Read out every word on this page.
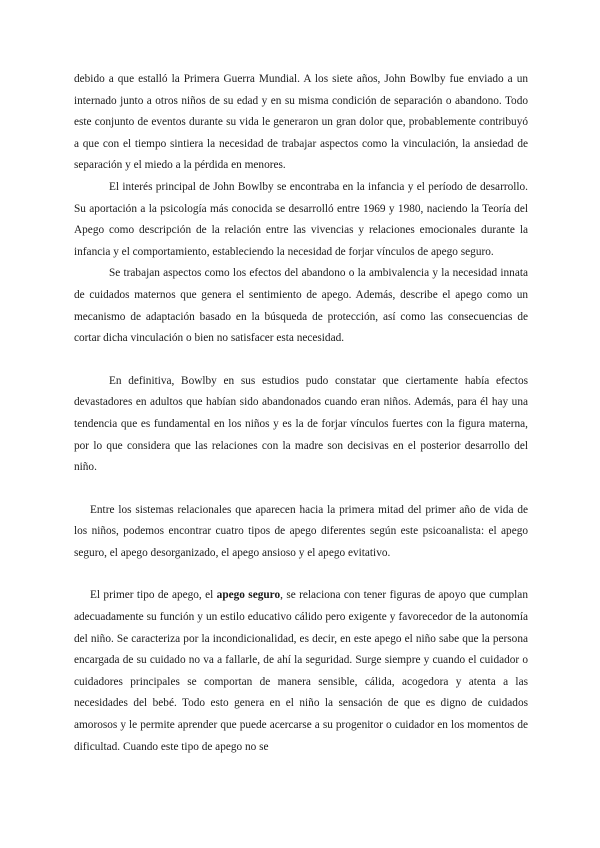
debido a que estalló la Primera Guerra Mundial. A los siete años, John Bowlby fue enviado a un internado junto a otros niños de su edad y en su misma condición de separación o abandono. Todo este conjunto de eventos durante su vida le generaron un gran dolor que, probablemente contribuyó a que con el tiempo sintiera la necesidad de trabajar aspectos como la vinculación, la ansiedad de separación y el miedo a la pérdida en menores.

El interés principal de John Bowlby se encontraba en la infancia y el período de desarrollo. Su aportación a la psicología más conocida se desarrolló entre 1969 y 1980, naciendo la Teoría del Apego como descripción de la relación entre las vivencias y relaciones emocionales durante la infancia y el comportamiento, estableciendo la necesidad de forjar vínculos de apego seguro.

Se trabajan aspectos como los efectos del abandono o la ambivalencia y la necesidad innata de cuidados maternos que genera el sentimiento de apego. Además, describe el apego como un mecanismo de adaptación basado en la búsqueda de protección, así como las consecuencias de cortar dicha vinculación o bien no satisfacer esta necesidad.

En definitiva, Bowlby en sus estudios pudo constatar que ciertamente había efectos devastadores en adultos que habían sido abandonados cuando eran niños. Además, para él hay una tendencia que es fundamental en los niños y es la de forjar vínculos fuertes con la figura materna, por lo que considera que las relaciones con la madre son decisivas en el posterior desarrollo del niño.

Entre los sistemas relacionales que aparecen hacia la primera mitad del primer año de vida de los niños, podemos encontrar cuatro tipos de apego diferentes según este psicoanalista: el apego seguro, el apego desorganizado, el apego ansioso y el apego evitativo.

El primer tipo de apego, el apego seguro, se relaciona con tener figuras de apoyo que cumplan adecuadamente su función y un estilo educativo cálido pero exigente y favorecedor de la autonomía del niño. Se caracteriza por la incondicionalidad, es decir, en este apego el niño sabe que la persona encargada de su cuidado no va a fallarle, de ahí la seguridad. Surge siempre y cuando el cuidador o cuidadores principales se comportan de manera sensible, cálida, acogedora y atenta a las necesidades del bebé. Todo esto genera en el niño la sensación de que es digno de cuidados amorosos y le permite aprender que puede acercarse a su progenitor o cuidador en los momentos de dificultad. Cuando este tipo de apego no se
